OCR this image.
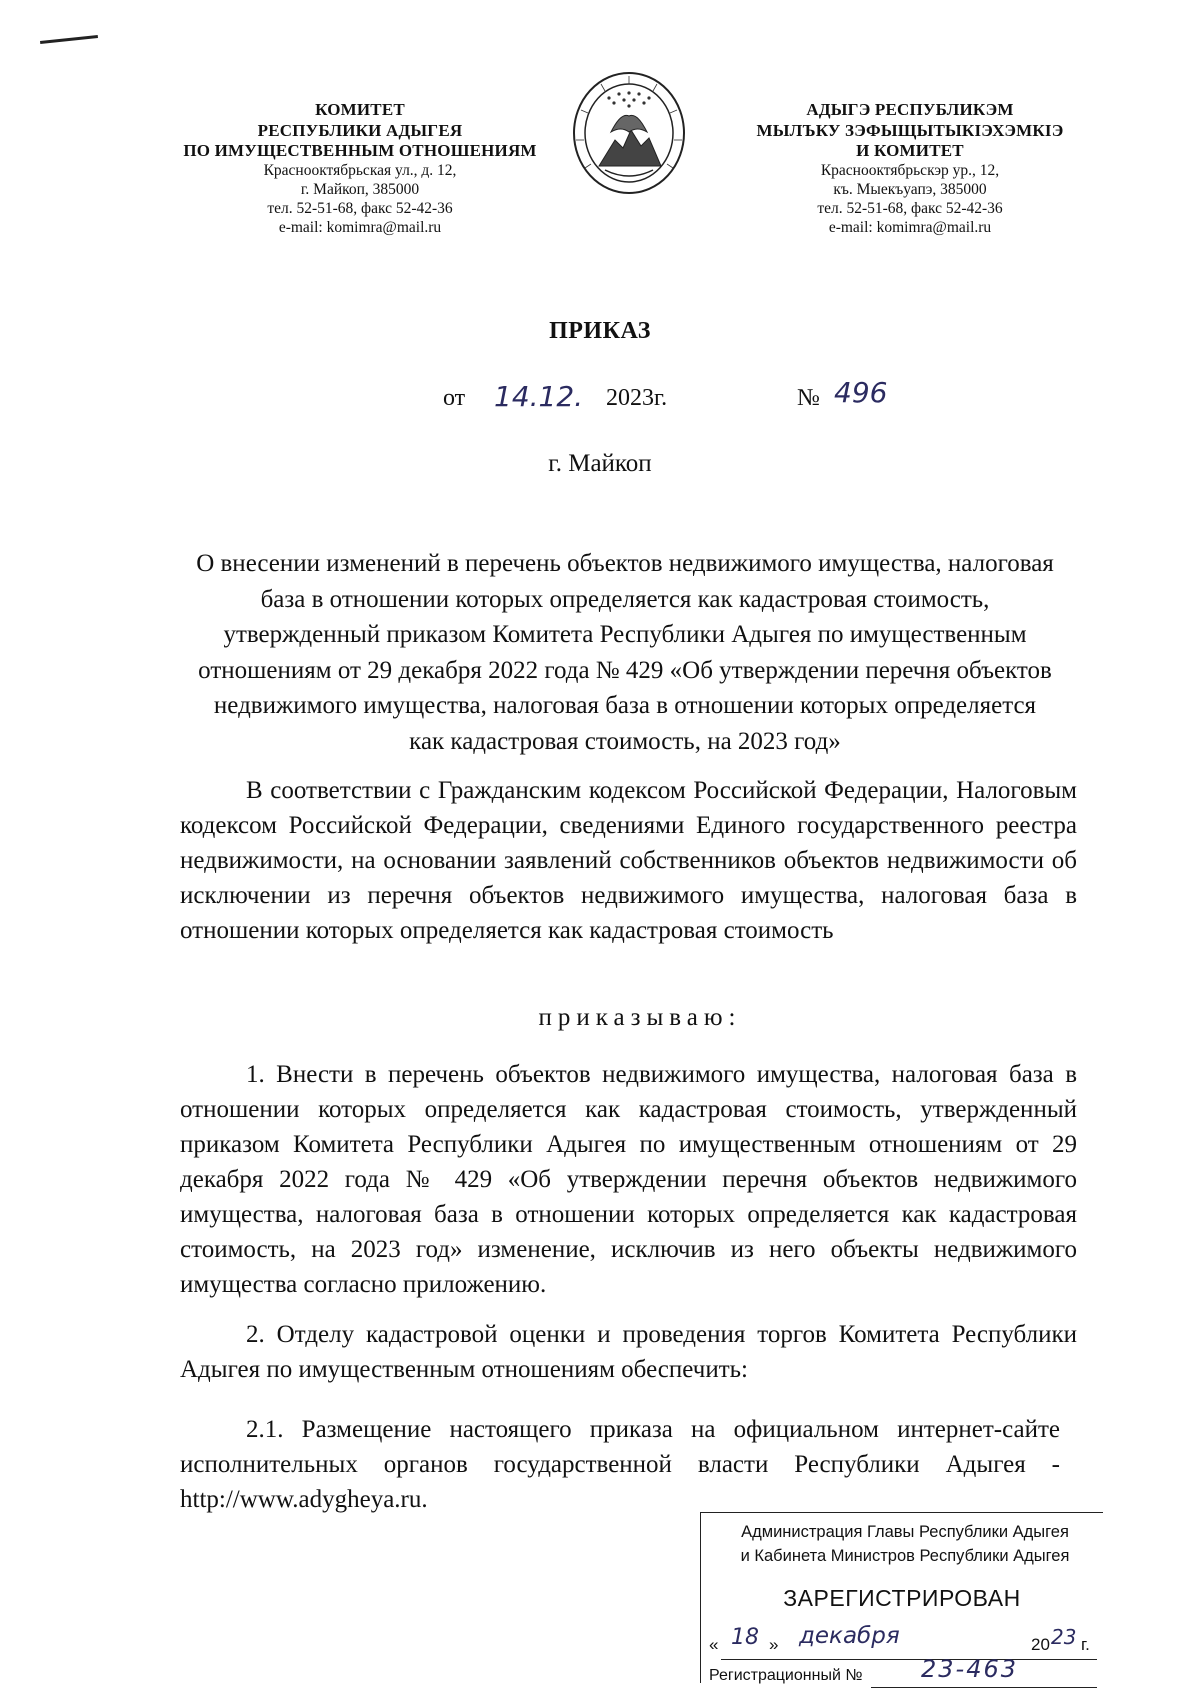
КОМИТЕТ
РЕСПУБЛИКИ АДЫГЕЯ
ПО ИМУЩЕСТВЕННЫМ ОТНОШЕНИЯМ
Краснооктябрьская ул., д. 12,
г. Майкоп, 385000
тел. 52-51-68, факс 52-42-36
e-mail: komimra@mail.ru
АДЫГЭ РЕСПУБЛИКЭМ
МЫЛЪКУ ЗЭФЫЩЫТЫКIЭХЭМКIЭ
И КОМИТЕТ
Краснооктябрьскэр ур., 12,
къ. Мыекъуапэ, 385000
тел. 52-51-68, факс 52-42-36
e-mail: komimra@mail.ru
ПРИКАЗ
от 14.12. 2023г.	№ 496
г. Майкоп
О внесении изменений в перечень объектов недвижимого имущества, налоговая база в отношении которых определяется как кадастровая стоимость, утвержденный приказом Комитета Республики Адыгея по имущественным отношениям от 29 декабря 2022 года № 429 «Об утверждении перечня объектов недвижимого имущества, налоговая база в отношении которых определяется как кадастровая стоимость, на 2023 год»
В соответствии с Гражданским кодексом Российской Федерации, Налоговым кодексом Российской Федерации, сведениями Единого государственного реестра недвижимости, на основании заявлений собственников объектов недвижимости об исключении из перечня объектов недвижимого имущества, налоговая база в отношении которых определяется как кадастровая стоимость
приказываю:
1. Внести в перечень объектов недвижимого имущества, налоговая база в отношении которых определяется как кадастровая стоимость, утвержденный приказом Комитета Республики Адыгея по имущественным отношениям от 29 декабря 2022 года № 429 «Об утверждении перечня объектов недвижимого имущества, налоговая база в отношении которых определяется как кадастровая стоимость, на 2023 год» изменение, исключив из него объекты недвижимого имущества согласно приложению.
2. Отделу кадастровой оценки и проведения торгов Комитета Республики Адыгея по имущественным отношениям обеспечить:
2.1. Размещение настоящего приказа на официальном интернет-сайте исполнительных органов государственной власти Республики Адыгея - http://www.adygheya.ru.
Администрация Главы Республики Адыгея
и Кабинета Министров Республики Адыгея
ЗАРЕГИСТРИРОВАН
« 18 » декабря	20 23 г.
Регистрационный № 23-463
